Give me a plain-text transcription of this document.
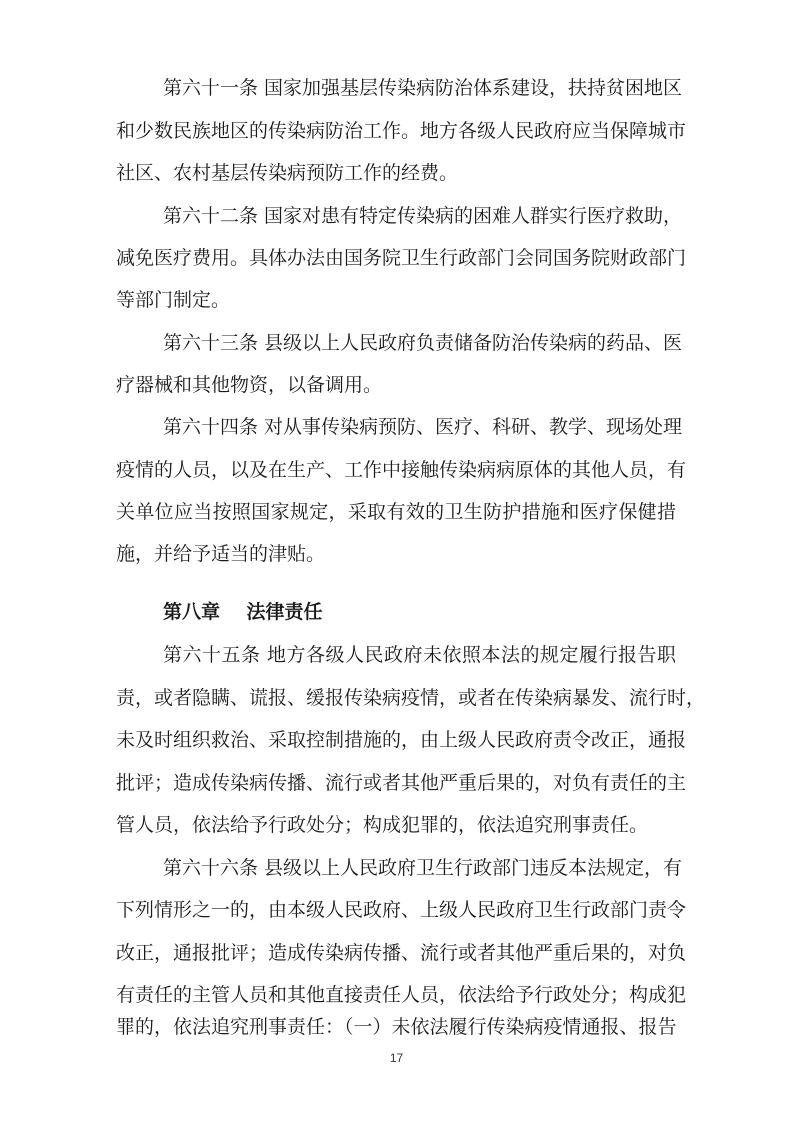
第六十一条 国家加强基层传染病防治体系建设，扶持贫困地区
和少数民族地区的传染病防治工作。地方各级人民政府应当保障城市
社区、农村基层传染病预防工作的经费。
第六十二条 国家对患有特定传染病的困难人群实行医疗救助，
减免医疗费用。具体办法由国务院卫生行政部门会同国务院财政部门
等部门制定。
第六十三条 县级以上人民政府负责储备防治传染病的药品、医
疗器械和其他物资，以备调用。
第六十四条 对从事传染病预防、医疗、科研、教学、现场处理
疫情的人员，以及在生产、工作中接触传染病病原体的其他人员，有
关单位应当按照国家规定，采取有效的卫生防护措施和医疗保健措
施，并给予适当的津贴。
第八章    法律责任
第六十五条 地方各级人民政府未依照本法的规定履行报告职
责，或者隐瞒、谎报、缓报传染病疫情，或者在传染病暴发、流行时，
未及时组织救治、采取控制措施的，由上级人民政府责令改正，通报
批评；造成传染病传播、流行或者其他严重后果的，对负有责任的主
管人员，依法给予行政处分；构成犯罪的，依法追究刑事责任。
第六十六条 县级以上人民政府卫生行政部门违反本法规定，有
下列情形之一的，由本级人民政府、上级人民政府卫生行政部门责令
改正，通报批评；造成传染病传播、流行或者其他严重后果的，对负
有责任的主管人员和其他直接责任人员，依法给予行政处分；构成犯
罪的，依法追究刑事责任：（一）未依法履行传染病疫情通报、报告
17
